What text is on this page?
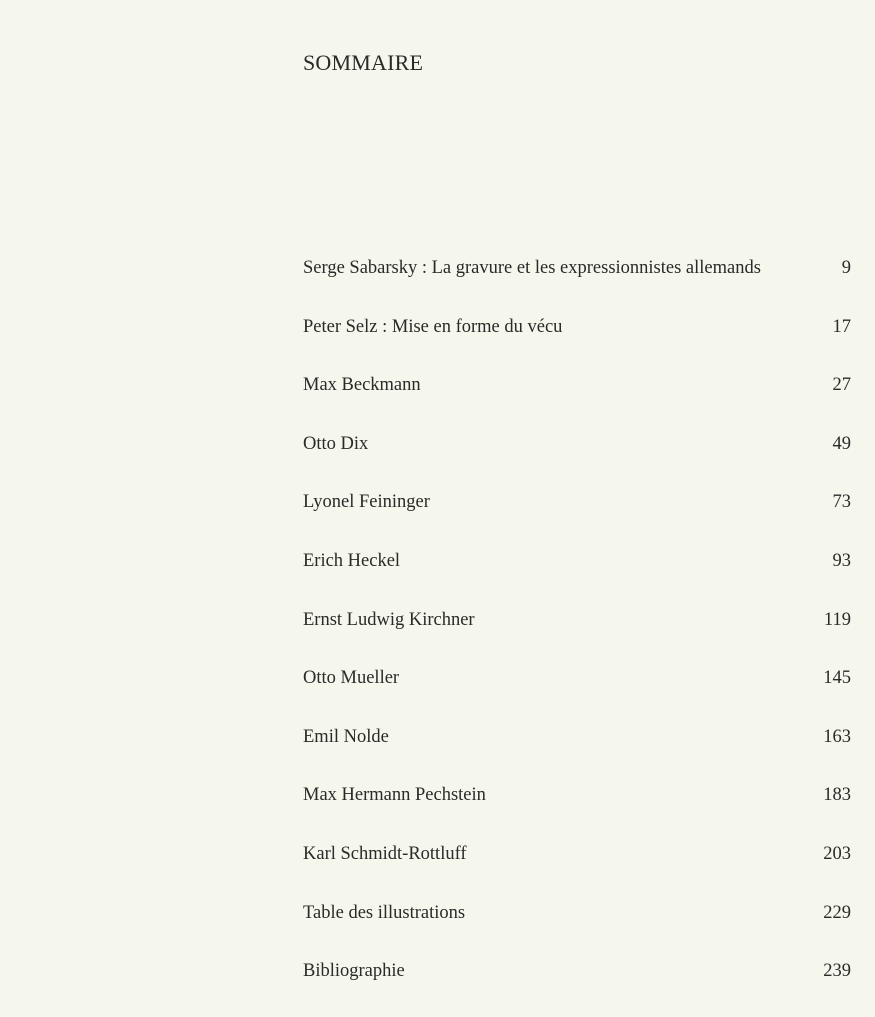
SOMMAIRE
Serge Sabarsky : La gravure et les expressionnistes allemands	9
Peter Selz : Mise en forme du vécu	17
Max Beckmann	27
Otto Dix	49
Lyonel Feininger	73
Erich Heckel	93
Ernst Ludwig Kirchner	119
Otto Mueller	145
Emil Nolde	163
Max Hermann Pechstein	183
Karl Schmidt-Rottluff	203
Table des illustrations	229
Bibliographie	239
